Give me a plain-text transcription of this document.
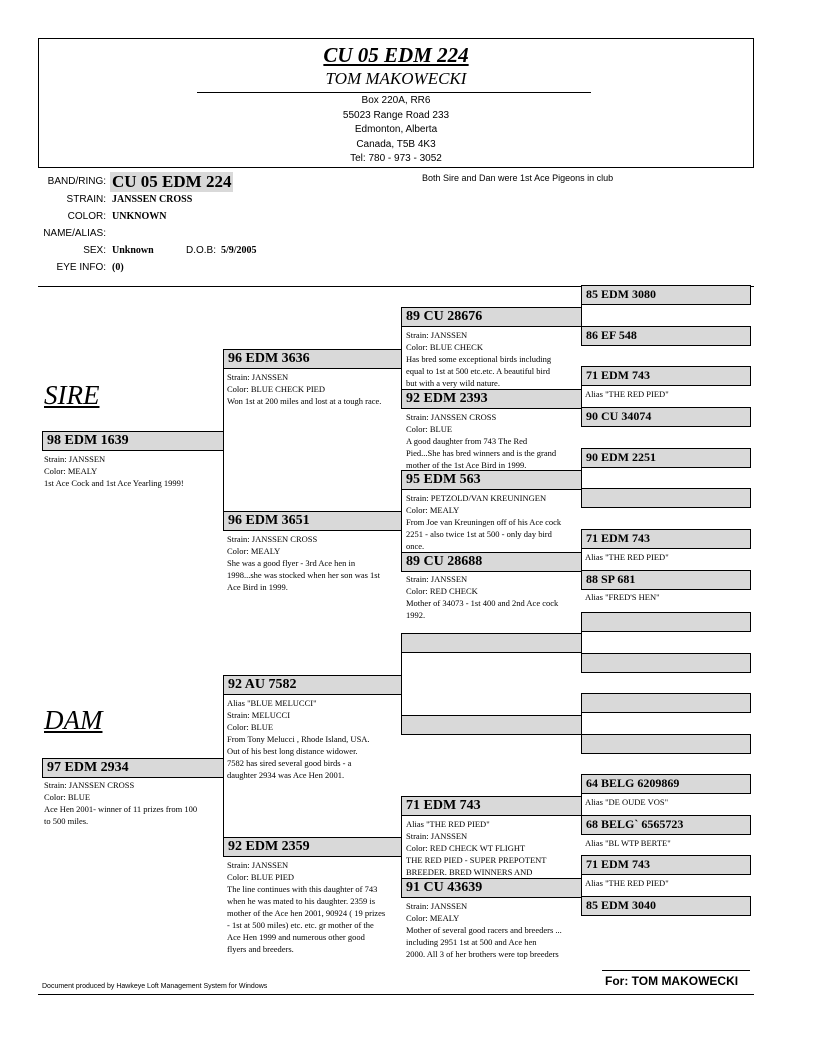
CU 05 EDM 224
TOM MAKOWECKI
Box 220A, RR6
55023 Range Road 233
Edmonton, Alberta
Canada, T5B 4K3
Tel: 780 - 973 - 3052
BAND/RING: CU 05 EDM 224	Both Sire and Dan were 1st Ace Pigeons in club
STRAIN: JANSSEN CROSS
COLOR: UNKNOWN
NAME/ALIAS:
SEX: Unknown	D.O.B: 5/9/2005
EYE INFO: (0)
SIRE
DAM
98 EDM 1639
Strain: JANSSEN
Color: MEALY
1st Ace Cock and 1st Ace Yearling 1999!
97 EDM 2934
Strain: JANSSEN CROSS
Color: BLUE
Ace Hen 2001- winner of 11 prizes from 100
to 500 miles.
96 EDM 3636
Strain: JANSSEN
Color: BLUE CHECK PIED
Won 1st at 200 miles and lost at a tough race.
96 EDM 3651
Strain: JANSSEN CROSS
Color: MEALY
She was a good flyer - 3rd Ace hen in
1998...she was stocked when her son was 1st
Ace Bird in 1999.
92 AU 7582
Alias "BLUE MELUCCI"
Strain: MELUCCI
Color: BLUE
From Tony Melucci , Rhode Island, USA.
Out of his best long distance widower.
7582 has sired several good birds - a
daughter 2934 was Ace Hen 2001.
92 EDM 2359
Strain: JANSSEN
Color: BLUE PIED
The line continues with this daughter of 743
when he was mated to his daughter. 2359 is
mother of the Ace hen 2001, 90924 ( 19 prizes
- 1st at 500 miles) etc. etc. gr mother of the
Ace Hen 1999 and numerous other good
flyers and breeders.
89 CU 28676
Strain: JANSSEN
Color: BLUE CHECK
Has bred some exceptional birds including
equal to 1st at 500 etc.etc. A beautiful bird
but with a very wild nature.
92 EDM 2393
Strain: JANSSEN CROSS
Color: BLUE
A good daughter from 743 The Red
Pied...She has bred winners and is the grand
mother of the 1st Ace Bird in 1999.
95 EDM 563
Strain: PETZOLD/VAN KREUNINGEN
Color: MEALY
From Joe van Kreuningen off of his Ace cock
2251 - also twice 1st at 500 - only day bird
once.
89 CU 28688
Strain: JANSSEN
Color: RED CHECK
Mother of 34073 - 1st 400 and 2nd Ace cock
1992.
71 EDM 743
Alias "THE RED PIED"
Strain: JANSSEN
Color: RED CHECK WT FLIGHT
THE RED PIED - SUPER PREPOTENT
BREEDER. BRED WINNERS AND
91 CU 43639
Strain: JANSSEN
Color: MEALY
Mother of several good racers and breeders ...
including 2951 1st at 500 and Ace hen
2000. All 3 of her brothers were top breeders
85 EDM 3080
86 EF 548
71 EDM 743
Alias "THE RED PIED"
90 CU 34074
90 EDM 2251
71 EDM 743
Alias "THE RED PIED"
88 SP 681
Alias "FRED'S HEN"
64 BELG 6209869
Alias "DE OUDE VOS"
68 BELG` 6565723
Alias "BL WTP BERTE"
71 EDM 743
Alias "THE RED PIED"
85 EDM 3040
Document produced by Hawkeye Loft Management System for Windows	For: TOM MAKOWECKI
